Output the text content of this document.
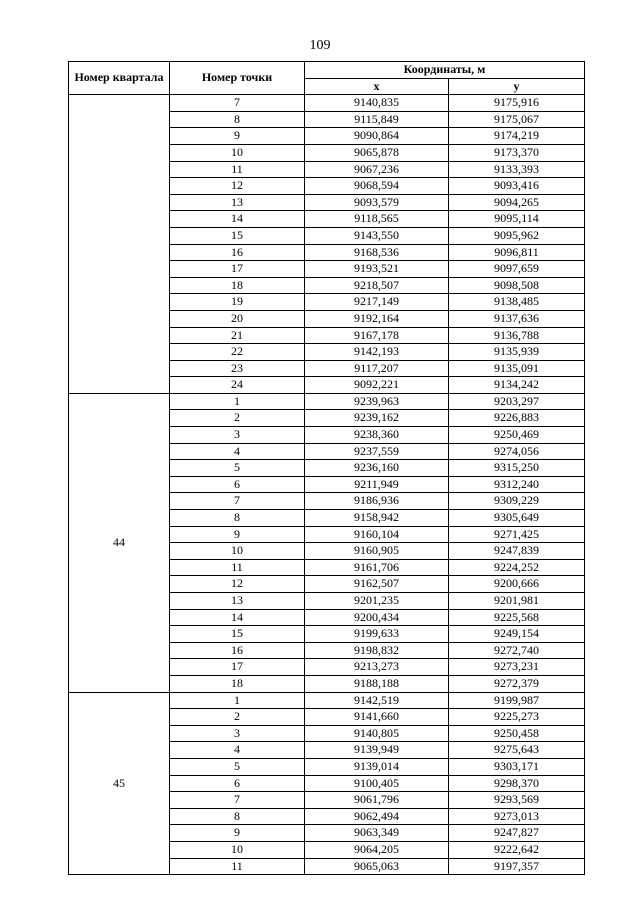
109
Номер квартала	Номер точки	Координаты, м	
		x	y
	7	9140,835	9175,916
	8	9115,849	9175,067
	9	9090,864	9174,219
	10	9065,878	9173,370
	11	9067,236	9133,393
	12	9068,594	9093,416
	13	9093,579	9094,265
	14	9118,565	9095,114
	15	9143,550	9095,962
	16	9168,536	9096,811
	17	9193,521	9097,659
	18	9218,507	9098,508
	19	9217,149	9138,485
	20	9192,164	9137,636
	21	9167,178	9136,788
	22	9142,193	9135,939
	23	9117,207	9135,091
	24	9092,221	9134,242
44	1	9239,963	9203,297
	2	9239,162	9226,883
	3	9238,360	9250,469
	4	9237,559	9274,056
	5	9236,160	9315,250
	6	9211,949	9312,240
	7	9186,936	9309,229
	8	9158,942	9305,649
	9	9160,104	9271,425
	10	9160,905	9247,839
	11	9161,706	9224,252
	12	9162,507	9200,666
	13	9201,235	9201,981
	14	9200,434	9225,568
	15	9199,633	9249,154
	16	9198,832	9272,740
	17	9213,273	9273,231
	18	9188,188	9272,379
45	1	9142,519	9199,987
	2	9141,660	9225,273
	3	9140,805	9250,458
	4	9139,949	9275,643
	5	9139,014	9303,171
	6	9100,405	9298,370
	7	9061,796	9293,569
	8	9062,494	9273,013
	9	9063,349	9247,827
	10	9064,205	9222,642
	11	9065,063	9197,357
